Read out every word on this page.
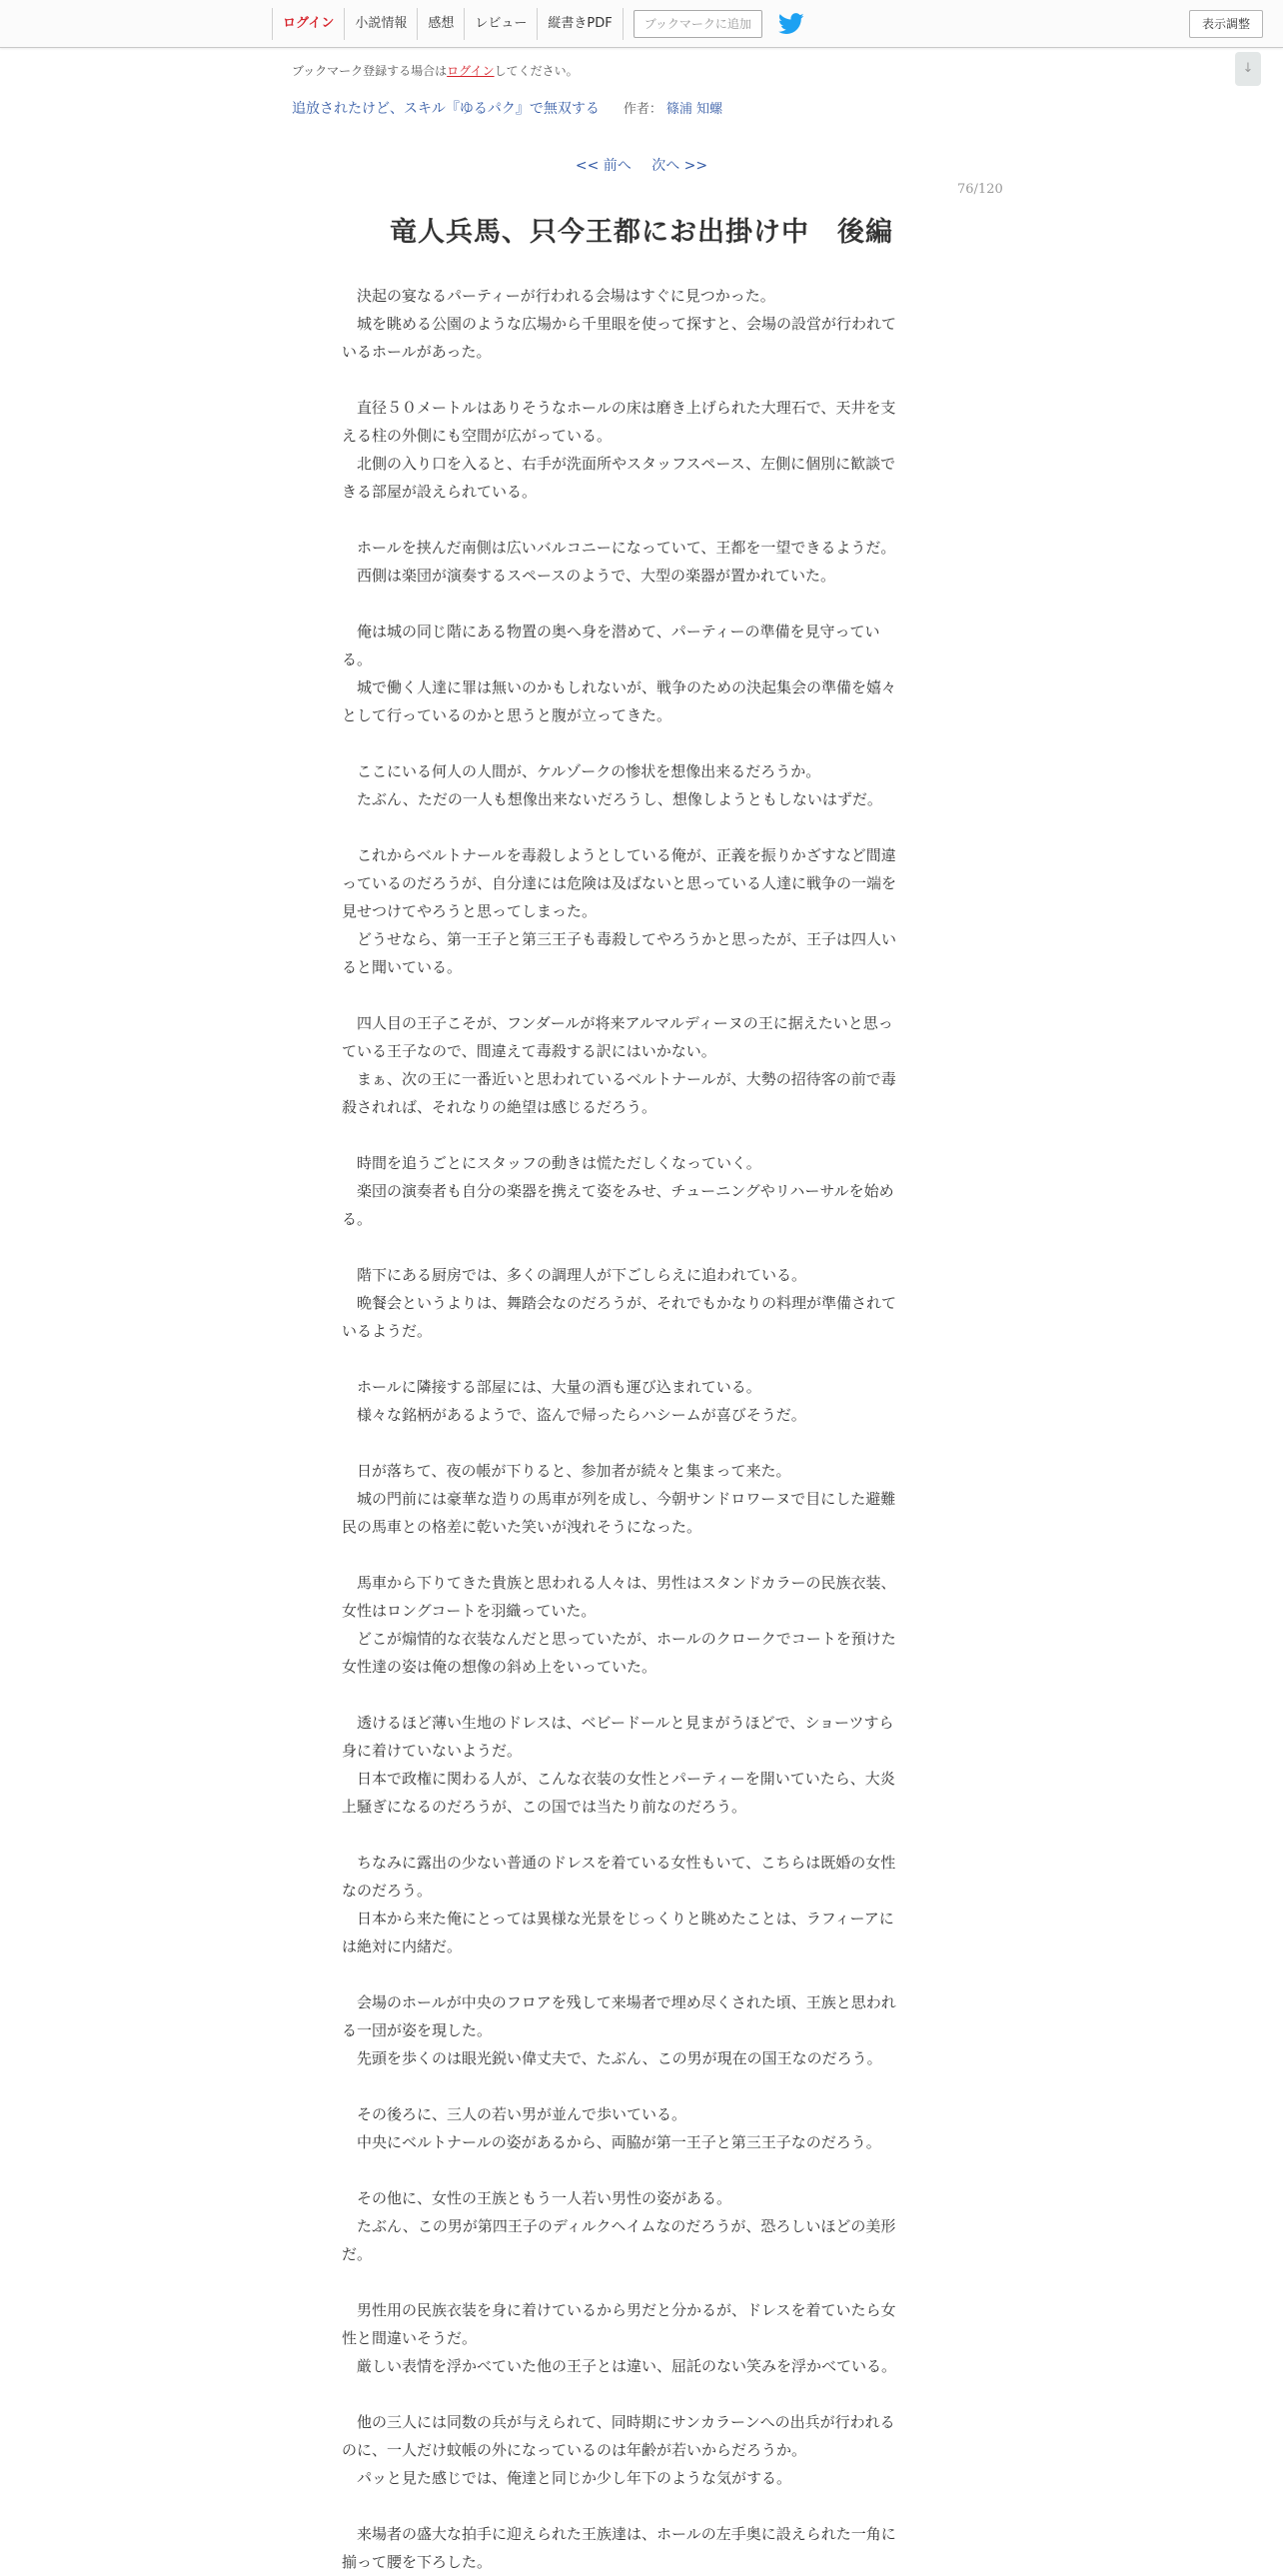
ログイン	小説情報	感想	レビュー	縦書きPDF	ブックマークに追加	表示調整
ブックマーク登録する場合はログインしてください。
追放されたけど、スキル『ゆるパク』で無双する 作者： 篠浦 知螺
↓
<< 前へ 次へ >>
76/120
竜人兵馬、只今王都にお出掛け中　後編

　決起の宴なるパーティーが行われる会場はすぐに見つかった。

　城を眺める公園のような広場から千里眼を使って探すと、会場の設営が行われて

いるホールがあった。

　直径５０メートルはありそうなホールの床は磨き上げられた大理石で、天井を支

える柱の外側にも空間が広がっている。

　北側の入り口を入ると、右手が洗面所やスタッフスペース、左側に個別に歓談で

きる部屋が設えられている。

　ホールを挟んだ南側は広いバルコニーになっていて、王都を一望できるようだ。

　西側は楽団が演奏するスペースのようで、大型の楽器が置かれていた。

　俺は城の同じ階にある物置の奥へ身を潜めて、パーティーの準備を見守ってい

る。

　城で働く人達に罪は無いのかもしれないが、戦争のための決起集会の準備を嬉々

として行っているのかと思うと腹が立ってきた。

　ここにいる何人の人間が、ケルゾークの惨状を想像出来るだろうか。

　たぶん、ただの一人も想像出来ないだろうし、想像しようともしないはずだ。

　これからベルトナールを毒殺しようとしている俺が、正義を振りかざすなど間違

っているのだろうが、自分達には危険は及ばないと思っている人達に戦争の一端を

見せつけてやろうと思ってしまった。

　どうせなら、第一王子と第三王子も毒殺してやろうかと思ったが、王子は四人い

ると聞いている。

　四人目の王子こそが、フンダールが将来アルマルディーヌの王に据えたいと思っ

ている王子なので、間違えて毒殺する訳にはいかない。

　まぁ、次の王に一番近いと思われているベルトナールが、大勢の招待客の前で毒

殺されれば、それなりの絶望は感じるだろう。

　時間を追うごとにスタッフの動きは慌ただしくなっていく。

　楽団の演奏者も自分の楽器を携えて姿をみせ、チューニングやリハーサルを始め

る。

　階下にある厨房では、多くの調理人が下ごしらえに追われている。

　晩餐会というよりは、舞踏会なのだろうが、それでもかなりの料理が準備されて

いるようだ。

　ホールに隣接する部屋には、大量の酒も運び込まれている。

　様々な銘柄があるようで、盗んで帰ったらハシームが喜びそうだ。

　日が落ちて、夜の帳が下りると、参加者が続々と集まって来た。

　城の門前には豪華な造りの馬車が列を成し、今朝サンドロワーヌで目にした避難

民の馬車との格差に乾いた笑いが洩れそうになった。

　馬車から下りてきた貴族と思われる人々は、男性はスタンドカラーの民族衣装、

女性はロングコートを羽織っていた。

　どこが煽情的な衣装なんだと思っていたが、ホールのクロークでコートを預けた

女性達の姿は俺の想像の斜め上をいっていた。

　透けるほど薄い生地のドレスは、ベビードールと見まがうほどで、ショーツすら

身に着けていないようだ。

　日本で政権に関わる人が、こんな衣装の女性とパーティーを開いていたら、大炎

上騒ぎになるのだろうが、この国では当たり前なのだろう。

　ちなみに露出の少ない普通のドレスを着ている女性もいて、こちらは既婚の女性

なのだろう。

　日本から来た俺にとっては異様な光景をじっくりと眺めたことは、ラフィーアに

は絶対に内緒だ。

　会場のホールが中央のフロアを残して来場者で埋め尽くされた頃、王族と思われ

る一団が姿を現した。

　先頭を歩くのは眼光鋭い偉丈夫で、たぶん、この男が現在の国王なのだろう。

　その後ろに、三人の若い男が並んで歩いている。

　中央にベルトナールの姿があるから、両脇が第一王子と第三王子なのだろう。

　その他に、女性の王族ともう一人若い男性の姿がある。

　たぶん、この男が第四王子のディルクヘイムなのだろうが、恐ろしいほどの美形

だ。

　男性用の民族衣装を身に着けているから男だと分かるが、ドレスを着ていたら女

性と間違いそうだ。

　厳しい表情を浮かべていた他の王子とは違い、屈託のない笑みを浮かべている。

　他の三人には同数の兵が与えられて、同時期にサンカラーンへの出兵が行われる

のに、一人だけ蚊帳の外になっているのは年齢が若いからだろうか。

　パッと見た感じでは、俺達と同じか少し年下のような気がする。

　来場者の盛大な拍手に迎えられた王族達は、ホールの左手奥に設えられた一角に

揃って腰を下ろした。
